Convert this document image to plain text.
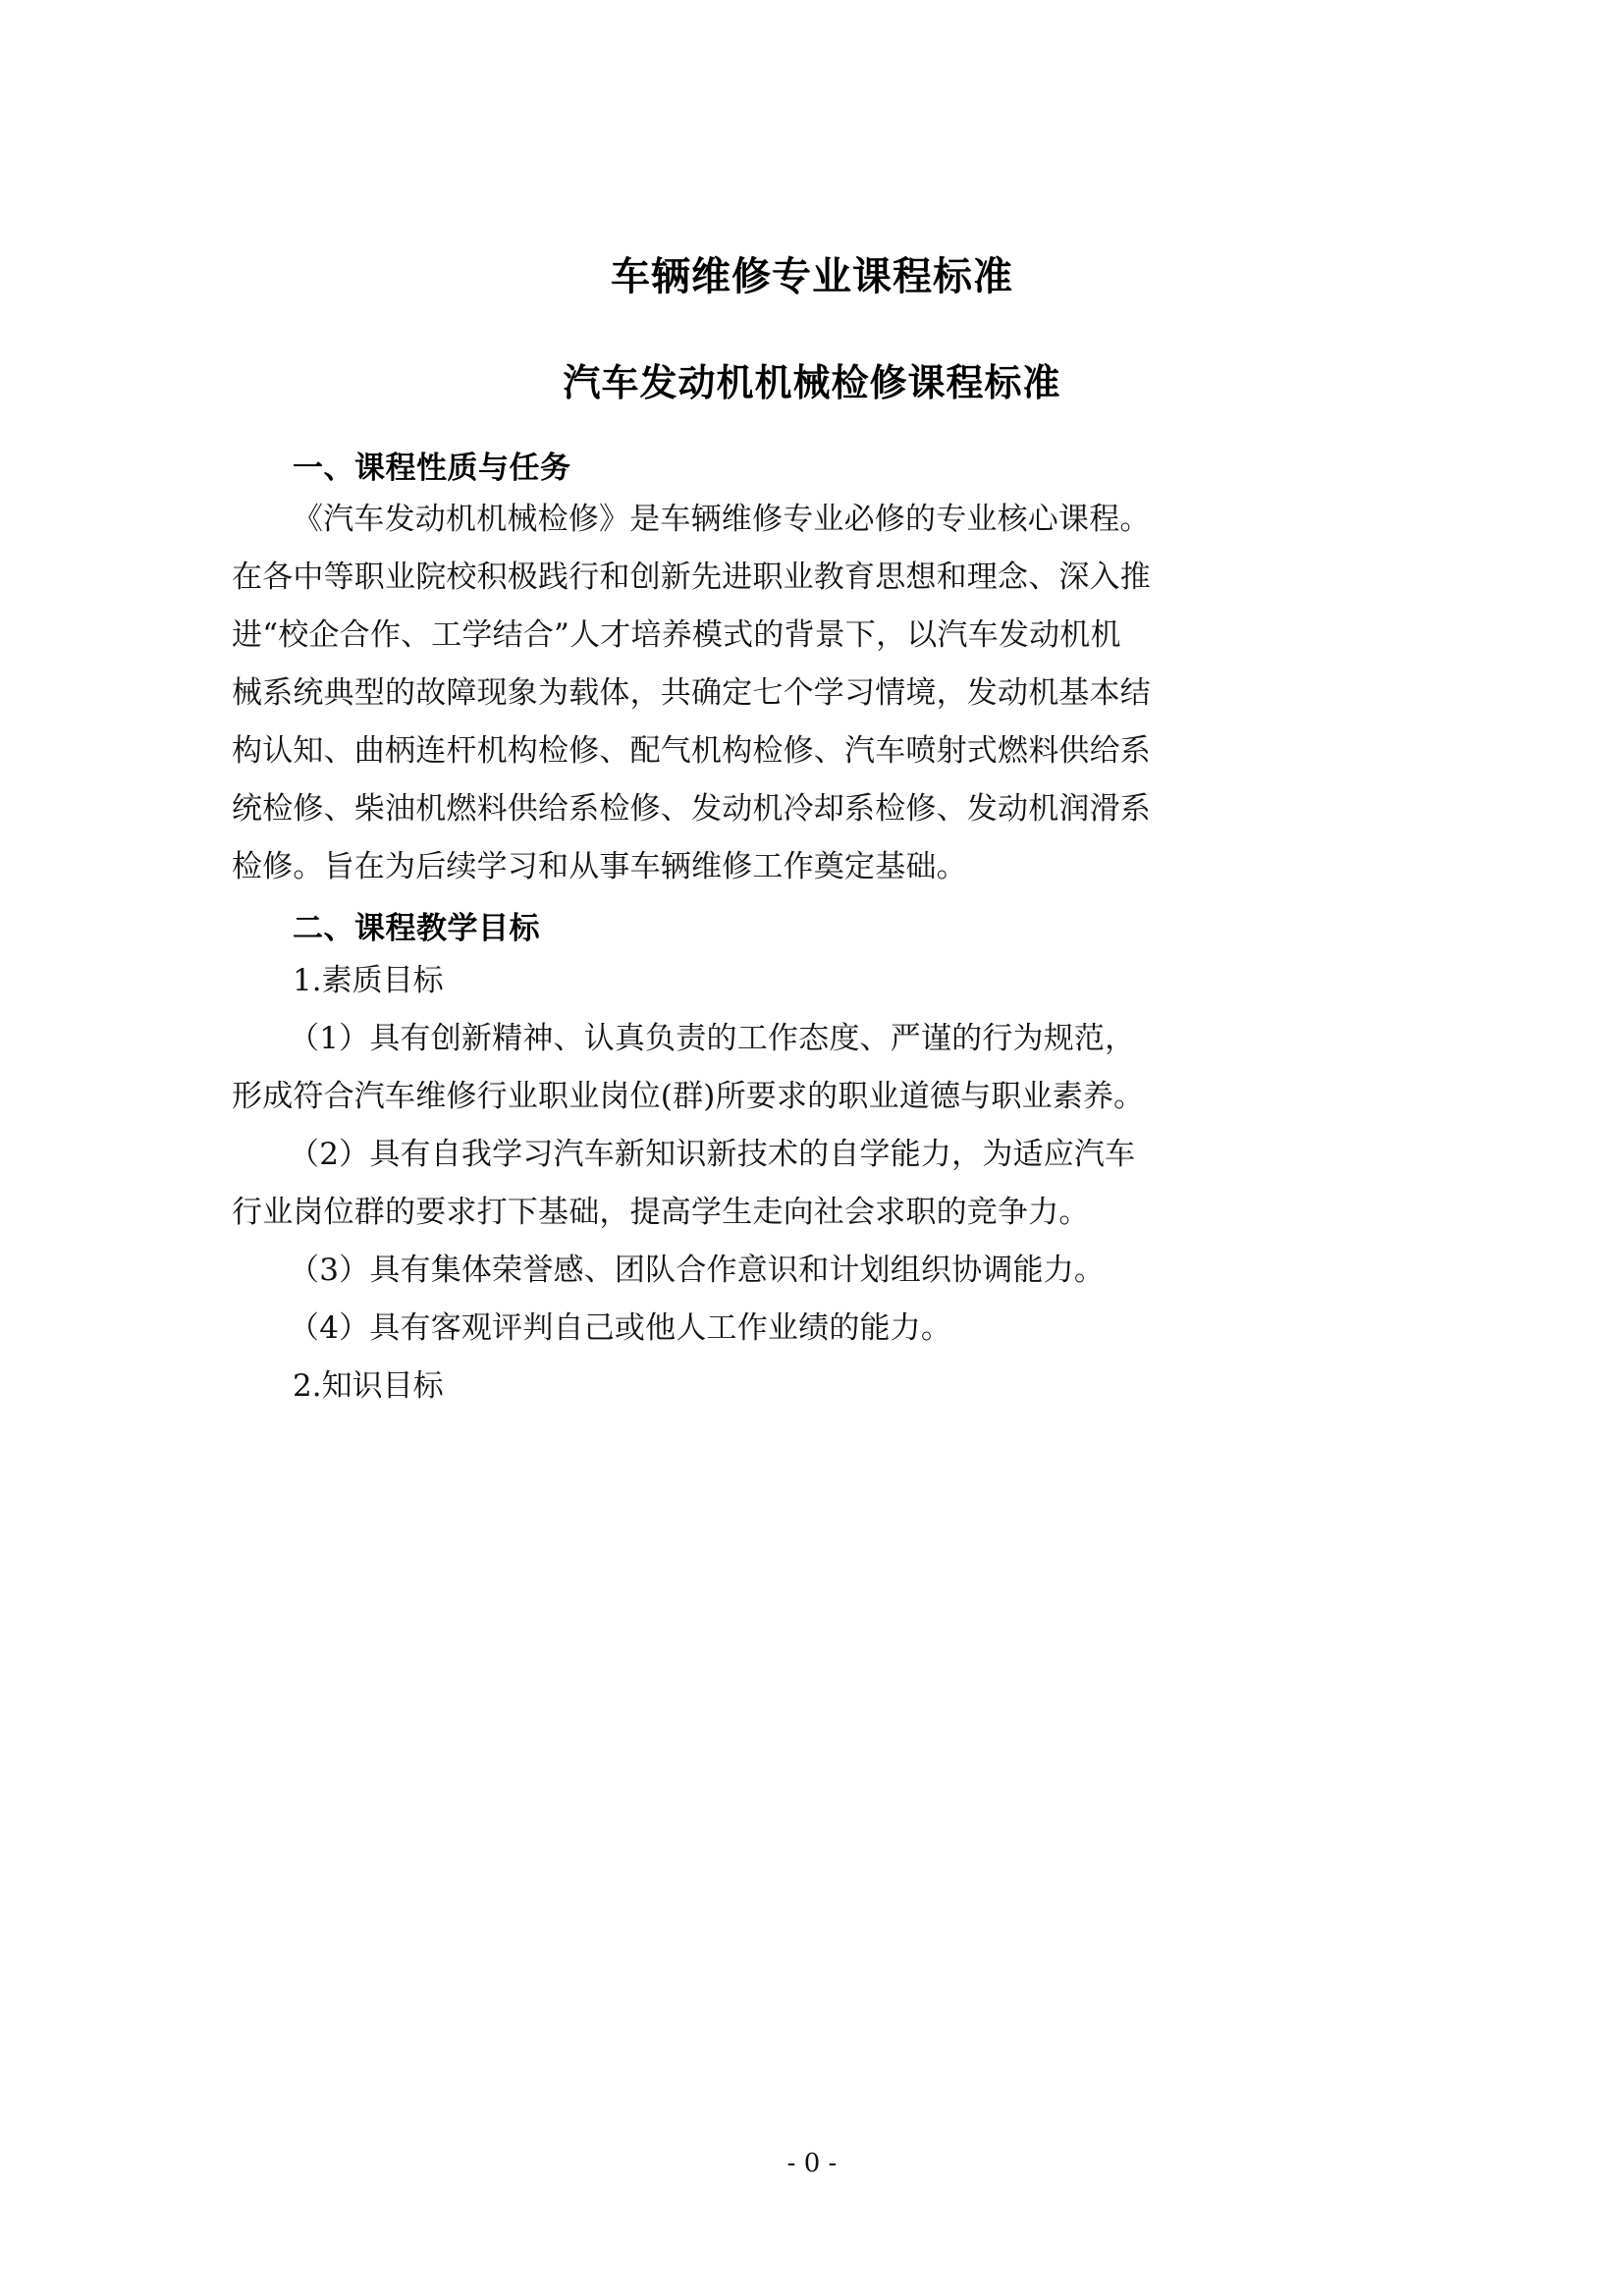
车辆维修专业课程标准
汽车发动机机械检修课程标准
一、课程性质与任务
《汽车发动机机械检修》是车辆维修专业必修的专业核心课程。
在各中等职业院校积极践行和创新先进职业教育思想和理念、深入推
进“校企合作、工学结合”人才培养模式的背景下，以汽车发动机机
械系统典型的故障现象为载体，共确定七个学习情境，发动机基本结
构认知、曲柄连杆机构检修、配气机构检修、汽车喷射式燃料供给系
统检修、柴油机燃料供给系检修、发动机冷却系检修、发动机润滑系
检修。旨在为后续学习和从事车辆维修工作奠定基础。
二、课程教学目标

1.素质目标

（1）具有创新精神、认真负责的工作态度、严谨的行为规范，
形成符合汽车维修行业职业岗位(群)所要求的职业道德与职业素养。
（2）具有自我学习汽车新知识新技术的自学能力，为适应汽车
行业岗位群的要求打下基础，提高学生走向社会求职的竞争力。
（3）具有集体荣誉感、团队合作意识和计划组织协调能力。
（4）具有客观评判自己或他人工作业绩的能力。

2.知识目标

- 0 -
